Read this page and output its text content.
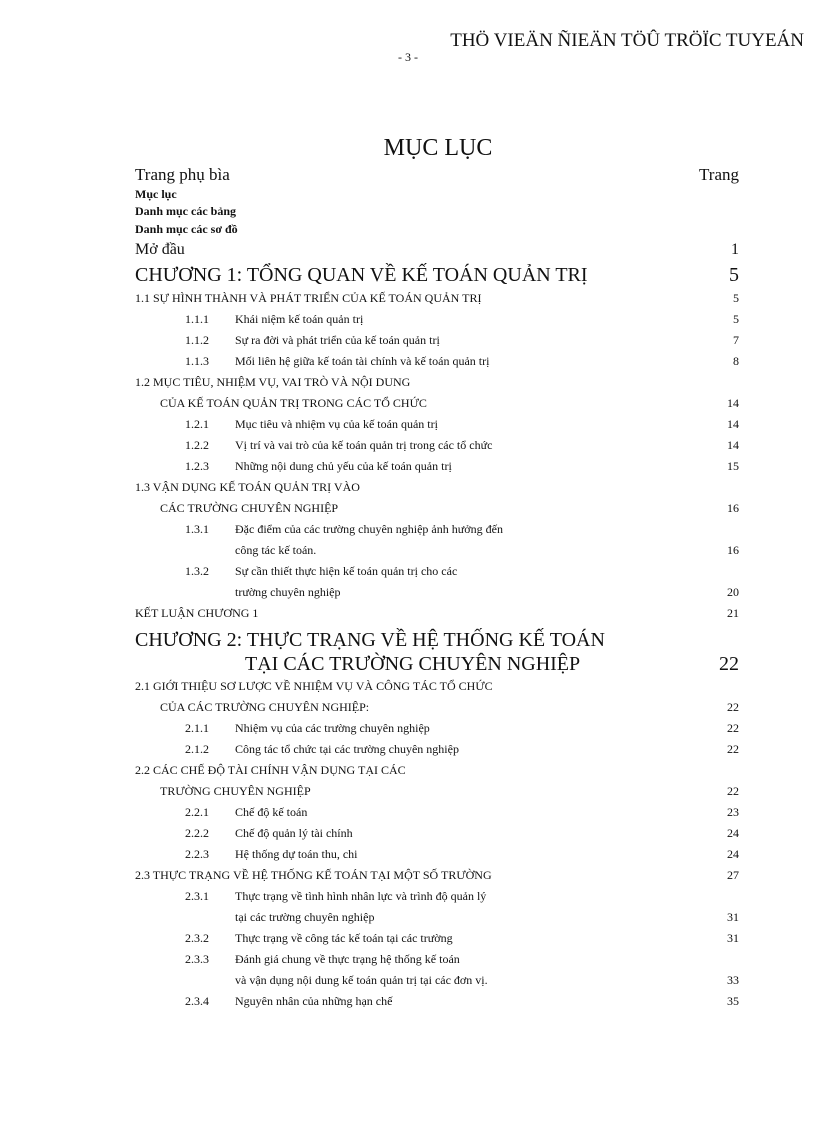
THÖ VIEÄN ÑIEÄN TÖÛ TRÖÏC TUYEÁN
- 3 -
MỤC LỤC
Trang phụ bìa	Trang
Mục lục
Danh mục các bảng
Danh mục các sơ đồ
Mở đầu	1
CHƯƠNG 1: TỔNG QUAN VỀ KẾ TOÁN QUẢN TRỊ	5
1.1 SỰ HÌNH THÀNH VÀ PHÁT TRIỂN CỦA KẾ TOÁN QUẢN TRỊ	5
1.1.1 Khái niệm kế toán quản trị	5
1.1.2 Sự ra đời và phát triển của kế toán quản trị	7
1.1.3 Mối liên hệ giữa kế toán tài chính và kế toán quản trị	8
1.2 MỤC TIÊU, NHIỆM VỤ, VAI TRÒ VÀ NỘI DUNG
CỦA KẾ TOÁN QUẢN TRỊ TRONG CÁC TỔ CHỨC	14
1.2.1 Mục tiêu và nhiệm vụ của kế toán quản trị	14
1.2.2 Vị trí và vai trò của kế toán quản trị trong các tổ chức	14
1.2.3 Những nội dung chủ yếu của kế toán quản trị	15
1.3 VẬN DỤNG KẾ TOÁN QUẢN TRỊ VÀO
CÁC TRƯỜNG CHUYÊN NGHIỆP	16
1.3.1 Đặc điểm của các trường chuyên nghiệp ảnh hưởng đến
công tác kế toán.	16
1.3.2 Sự cần thiết thực hiện kế toán quản trị cho các
trường chuyên nghiệp	20
KẾT LUẬN CHƯƠNG 1	21
CHƯƠNG 2: THỰC TRẠNG VỀ HỆ THỐNG KẾ TOÁN
TẠI CÁC TRƯỜNG CHUYÊN NGHIỆP	22
2.1 GIỚI THIỆU SƠ LƯỢC VỀ NHIỆM VỤ VÀ CÔNG TÁC TỔ CHỨC
CỦA CÁC TRƯỜNG CHUYÊN NGHIỆP:	22
2.1.1 Nhiệm vụ của các trường chuyên nghiệp	22
2.1.2 Công tác tổ chức tại các trường chuyên nghiệp	22
2.2 CÁC CHẾ ĐỘ TÀI CHÍNH VẬN DỤNG TẠI CÁC
TRƯỜNG CHUYÊN NGHIỆP	22
2.2.1 Chế độ kế toán	23
2.2.2 Chế độ quản lý tài chính	24
2.2.3 Hệ thống dự toán thu, chi	24
2.3 THỰC TRẠNG VỀ HỆ THỐNG KẾ TOÁN TẠI MỘT SỐ TRƯỜNG	27
2.3.1 Thực trạng về tình hình nhân lực và trình độ quản lý
tại các trường chuyên nghiệp	31
2.3.2 Thực trạng về công tác kế toán tại các trường	31
2.3.3 Đánh giá chung về thực trạng hệ thống kế toán
và vận dụng nội dung kế toán quản trị tại các đơn vị.	33
2.3.4 Nguyên nhân của những hạn chế	35
